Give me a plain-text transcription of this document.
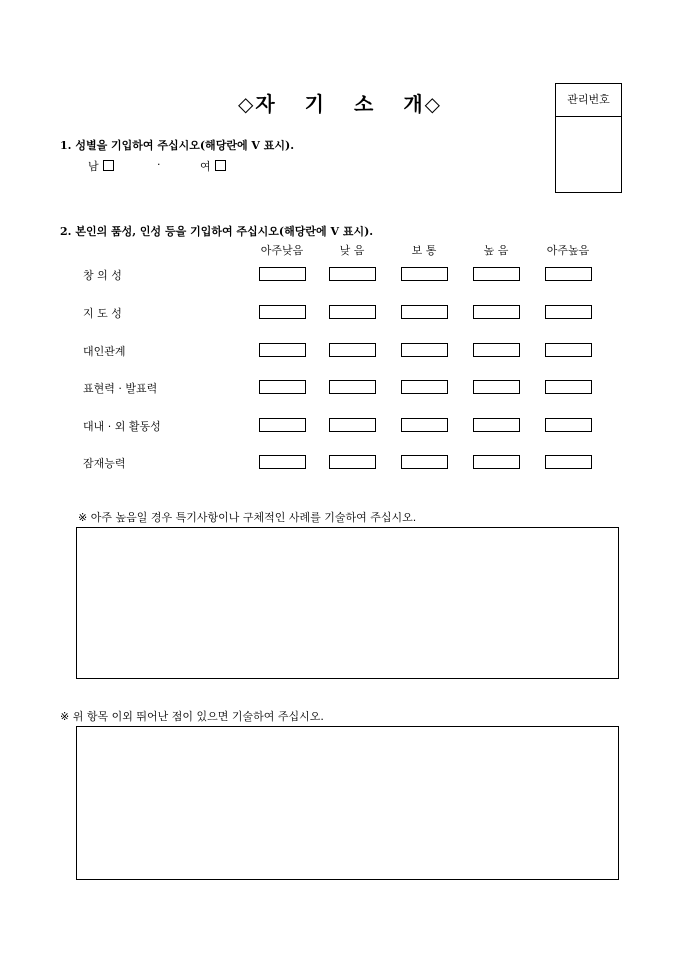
◇자 기 소 개◇	관리번호
1. 성별을 기입하여 주십시오(해당란에 V 표시).
남	·	여
2. 본인의 품성, 인성 등을 기입하여 주십시오(해당란에 V 표시).
아주낮음	낮 음	보 통	높 음	아주높음
창 의 성
지 도 성
대인관계
표현력 · 발표력
대내 · 외 활동성
잠재능력
※ 아주 높음일 경우 특기사항이나 구체적인 사례를 기술하여 주십시오.
※ 위 항목 이외 뛰어난 점이 있으면 기술하여 주십시오.
